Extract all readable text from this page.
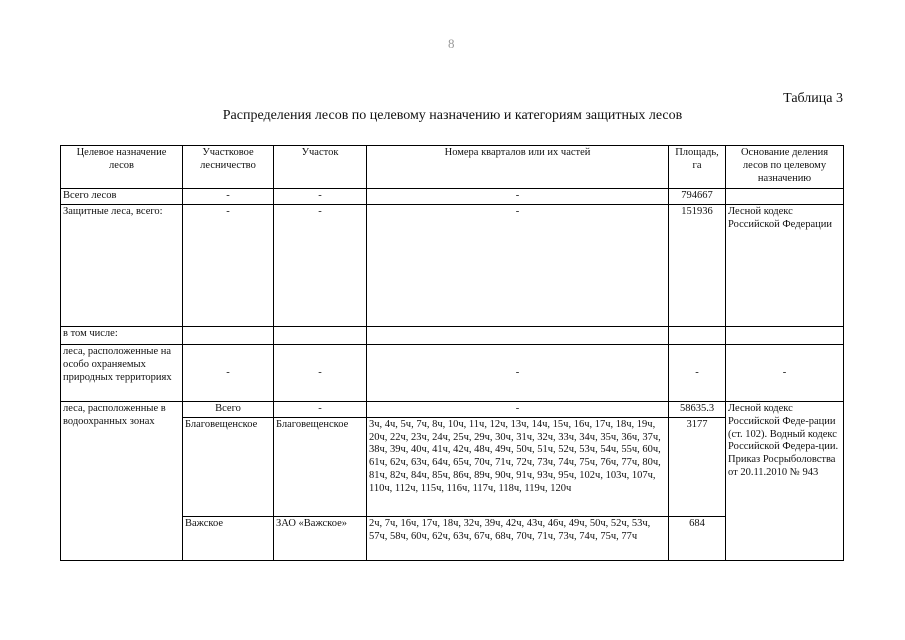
8
Таблица 3
Распределения лесов по целевому назначению и категориям защитных лесов
Целевое назначение лесов	Участковое лесничество	Участок	Номера кварталов или их частей	Площадь, га	Основание деления лесов по целевому назначению
Всего лесов	-	-	-	794667	
Защитные леса, всего:	-	-	-	151936	Лесной кодекс Российской Федерации
в том числе:					
леса, расположенные на особо охраняемых природных территориях	-	-	-	-	-
леса, расположенные в водоохранных зонах	Всего	-	-	58635.3	Лесной кодекс Российской Феде-рации (ст. 102). Водный кодекс Российской Федера-ции. Приказ Росрыболовства от 20.11.2010 № 943
	Благовещенское	Благовещенское	3ч, 4ч, 5ч, 7ч, 8ч, 10ч, 11ч, 12ч, 13ч, 14ч, 15ч, 16ч, 17ч, 18ч, 19ч, 20ч, 22ч, 23ч, 24ч, 25ч, 29ч, 30ч, 31ч, 32ч, 33ч, 34ч, 35ч, 36ч, 37ч, 38ч, 39ч, 40ч, 41ч, 42ч, 48ч, 49ч, 50ч, 51ч, 52ч, 53ч, 54ч, 55ч, 60ч, 61ч, 62ч, 63ч, 64ч, 65ч, 70ч, 71ч, 72ч, 73ч, 74ч, 75ч, 76ч, 77ч, 80ч, 81ч, 82ч, 84ч, 85ч, 86ч, 89ч, 90ч, 91ч, 93ч, 95ч, 102ч, 103ч, 107ч, 110ч, 112ч, 115ч, 116ч, 117ч, 118ч, 119ч, 120ч	3177	
	Важское	ЗАО «Важское»	2ч, 7ч, 16ч, 17ч, 18ч, 32ч, 39ч, 42ч, 43ч, 46ч, 49ч, 50ч, 52ч, 53ч, 57ч, 58ч, 60ч, 62ч, 63ч, 67ч, 68ч, 70ч, 71ч, 73ч, 74ч, 75ч, 77ч	684	
